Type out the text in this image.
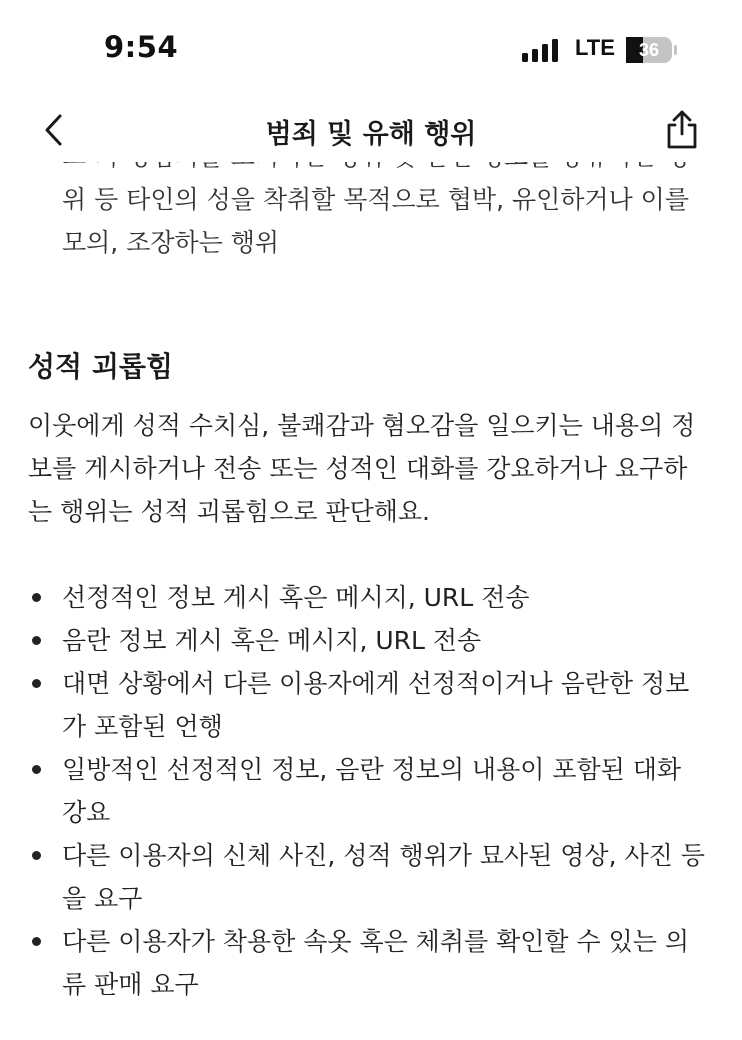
9:54	LTE	36
범죄 및 유해 행위
위 등 타인의 성을 착취할 목적으로 협박, 유인하거나 이를 모의, 조장하는 행위
성적 괴롭힘

이웃에게 성적 수치심, 불쾌감과 혐오감을 일으키는 내용의 정보를 게시하거나 전송 또는 성적인 대화를 강요하거나 요구하는 행위는 성적 괴롭힘으로 판단해요.

선정적인 정보 게시 혹은 메시지, URL 전송
음란 정보 게시 혹은 메시지, URL 전송
대면 상황에서 다른 이용자에게 선정적이거나 음란한 정보가 포함된 언행
일방적인 선정적인 정보, 음란 정보의 내용이 포함된 대화 강요
다른 이용자의 신체 사진, 성적 행위가 묘사된 영상, 사진 등을 요구
다른 이용자가 착용한 속옷 혹은 체취를 확인할 수 있는 의류 판매 요구
